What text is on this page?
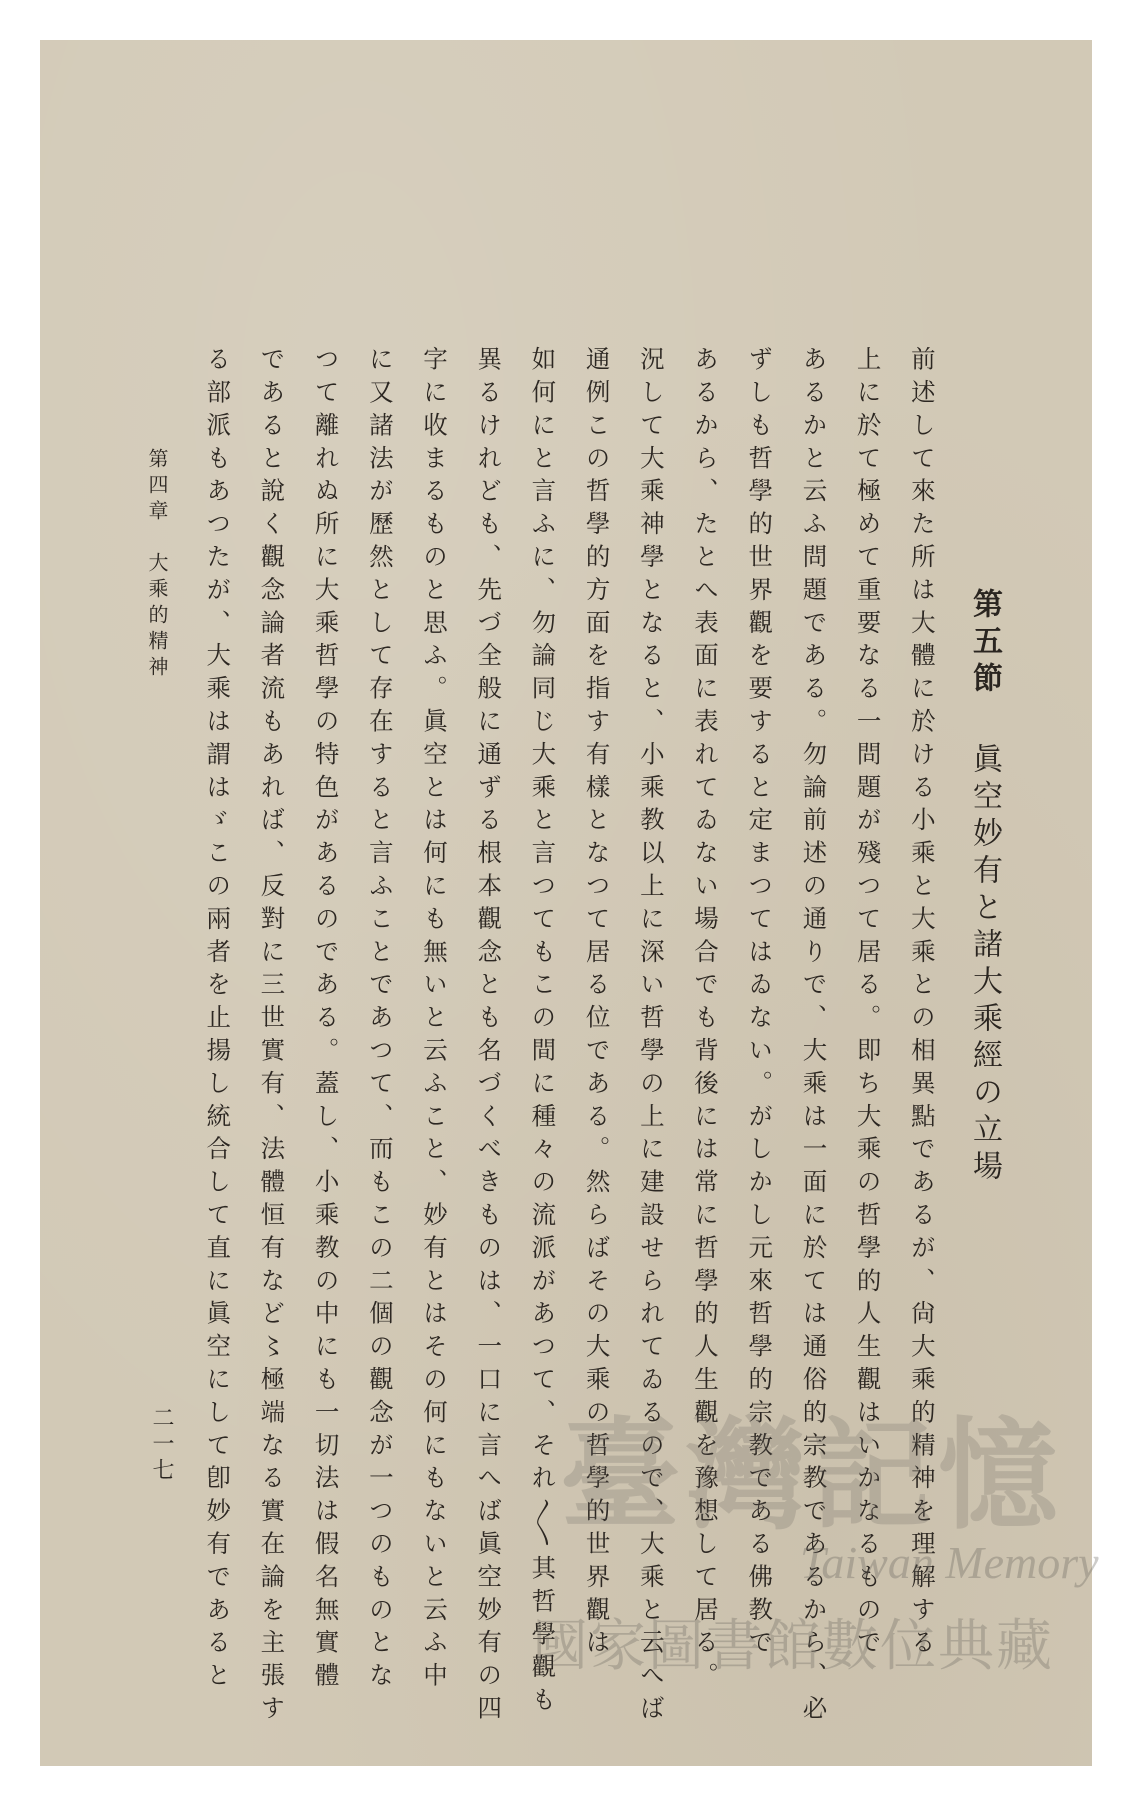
第五節眞空妙有と諸大乘經の立場
前述して來た所は大體に於ける小乘と大乘との相異點であるが、尙大乘的精神を理解する
上に於て極めて重要なる一問題が殘つて居る。即ち大乘の哲學的人生觀はいかなるもので
あるかと云ふ問題である。勿論前述の通りで、大乘は一面に於ては通俗的宗教であるから、必
ずしも哲學的世界觀を要すると定まつてはゐない。がしかし元來哲學的宗教である佛教で
あるから、たとへ表面に表れてゐない場合でも背後には常に哲學的人生觀を豫想して居る。
況して大乘神學となると、小乘教以上に深い哲學の上に建設せられてゐるので、大乘と云へば
通例この哲學的方面を指す有樣となつて居る位である。然らばその大乘の哲學的世界觀は
如何にと言ふに、勿論同じ大乘と言つてもこの間に種々の流派があつて、それ〳〵其哲學觀も
異るけれども、先づ全般に通ずる根本觀念とも名づくべきものは、一口に言へば眞空妙有の四
字に收まるものと思ふ。眞空とは何にも無いと云ふこと、妙有とはその何にもないと云ふ中
に又諸法が歷然として存在すると言ふことであつて、而もこの二個の觀念が一つのものとな
つて離れぬ所に大乘哲學の特色があるのである。蓋し、小乘教の中にも一切法は假名無實體
であると說く觀念論者流もあれば、反對に三世實有、法體恒有など〻極端なる實在論を主張す
る部派もあつたが、大乘は謂はゞこの兩者を止揚し統合して直に眞空にして卽妙有であると
第四章大乘的精神
二一七	臺灣記憶
Taiwan Memory
國家圖書館數位典藏
